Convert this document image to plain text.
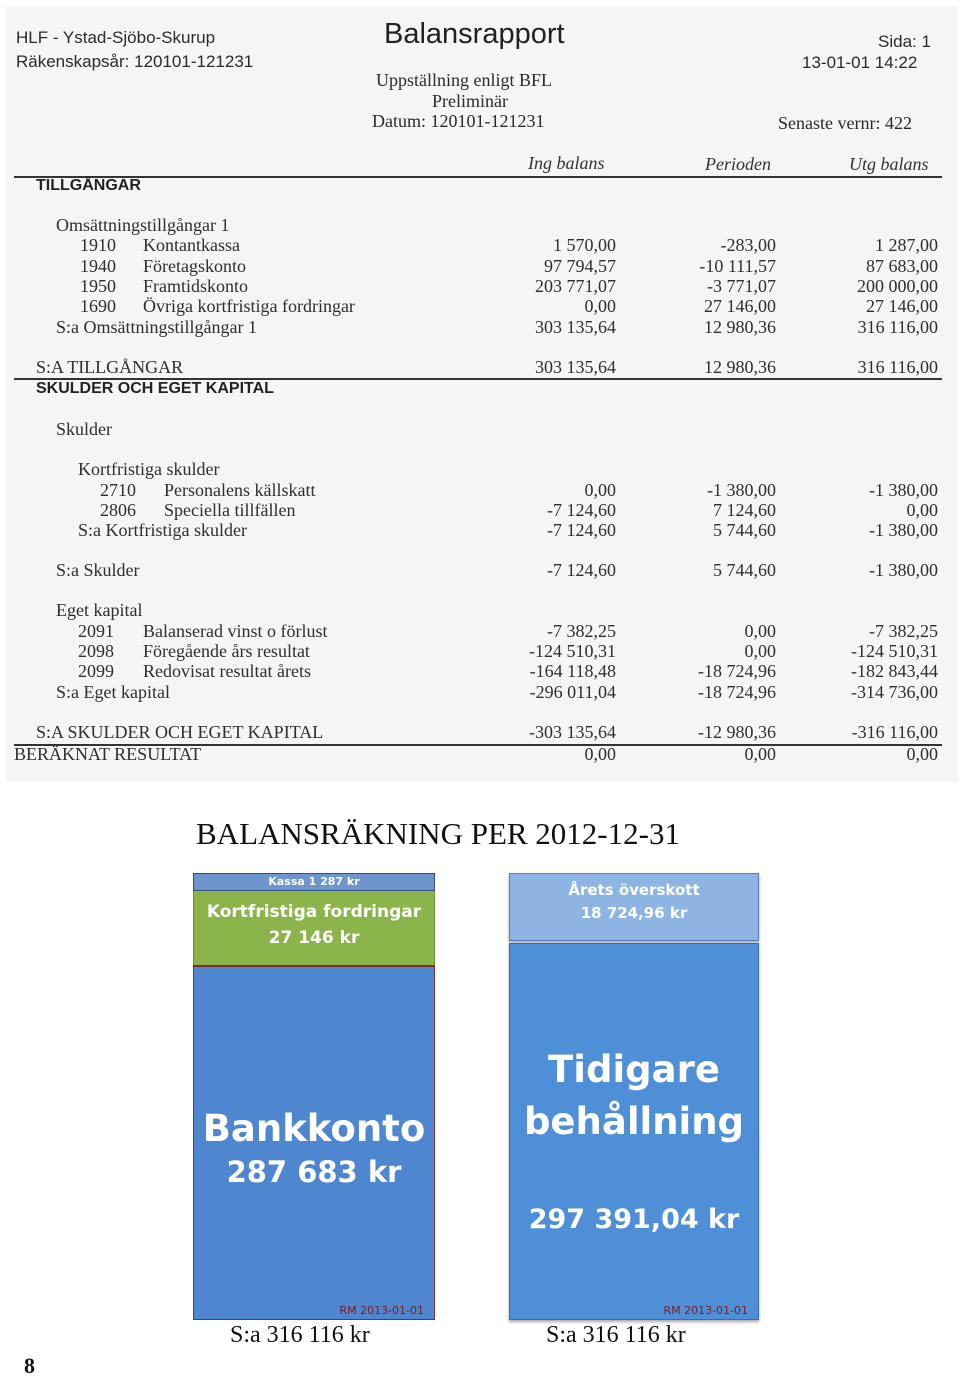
HLF - Ystad-Sjöbo-Skurup
Räkenskapsår: 120101-121231
Balansrapport	Sida: 1
13-01-01 14:22
Uppställning enligt BFL
Preliminär
Datum: 120101-121231	Senaste vernr: 422
Ing balans	Perioden	Utg balans
TILLGÅNGAR
Omsättningstillgångar 1
1910 Kontantkassa	1 570,00	-283,00	1 287,00
1940 Företagskonto	97 794,57	-10 111,57	87 683,00
1950 Framtidskonto	203 771,07	-3 771,07	200 000,00
1690 Övriga kortfristiga fordringar	0,00	27 146,00	27 146,00
S:a Omsättningstillgångar 1	303 135,64	12 980,36	316 116,00
S:A TILLGÅNGAR	303 135,64	12 980,36	316 116,00
SKULDER OCH EGET KAPITAL
Skulder
Kortfristiga skulder
2710 Personalens källskatt	0,00	-1 380,00	-1 380,00
2806 Speciella tillfällen	-7 124,60	7 124,60	0,00
S:a Kortfristiga skulder	-7 124,60	5 744,60	-1 380,00
S:a Skulder	-7 124,60	5 744,60	-1 380,00
Eget kapital
2091 Balanserad vinst o förlust	-7 382,25	0,00	-7 382,25
2098 Föregående års resultat	-124 510,31	0,00	-124 510,31
2099 Redovisat resultat årets	-164 118,48	-18 724,96	-182 843,44
S:a Eget kapital	-296 011,04	-18 724,96	-314 736,00
S:A SKULDER OCH EGET KAPITAL	-303 135,64	-12 980,36	-316 116,00
BERÄKNAT RESULTAT	0,00	0,00	0,00
BALANSRÄKNING PER 2012-12-31
Kassa 1 287 kr
Kortfristiga fordringar
27 146 kr
Bankkonto
287 683 kr
RM 2013-01-01
S:a 316 116 kr
Årets överskott
18 724,96 kr
Tidigare
behållning
297 391,04 kr
RM 2013-01-01
S:a 316 116 kr
8
